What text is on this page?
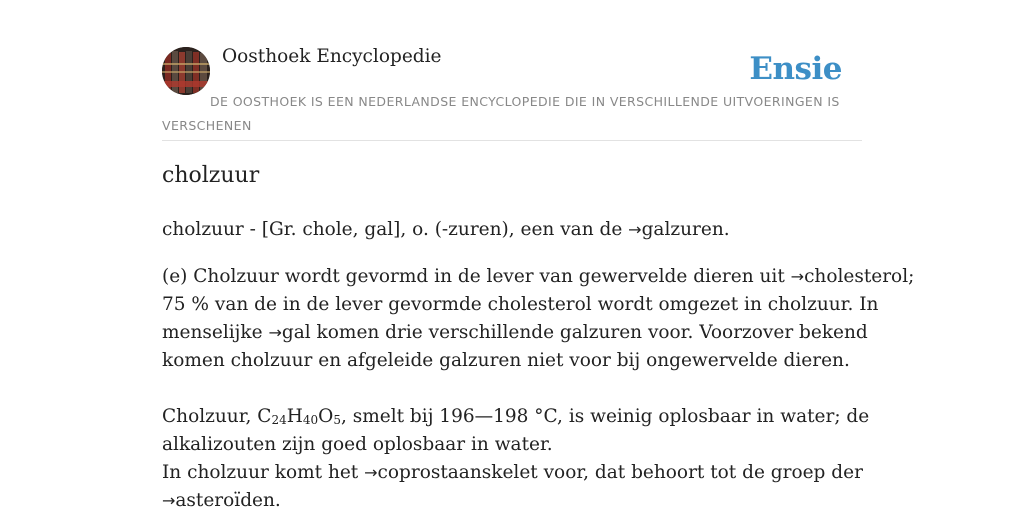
Oosthoek Encyclopedie	Ensie
DE OOSTHOEK IS EEN NEDERLANDSE ENCYCLOPEDIE DIE IN VERSCHILLENDE UITVOERINGEN IS VERSCHENEN
cholzuur
cholzuur - [Gr. chole, gal], o. (-zuren), een van de →galzuren.
(e) Cholzuur wordt gevormd in de lever van gewervelde dieren uit →cholesterol;
75 % van de in de lever gevormde cholesterol wordt omgezet in cholzuur. In
menselijke →gal komen drie verschillende galzuren voor. Voorzover bekend
komen cholzuur en afgeleide galzuren niet voor bij ongewervelde dieren.
Cholzuur, C24H40O5, smelt bij 196—198 °C, is weinig oplosbaar in water; de
alkalizouten zijn goed oplosbaar in water.
In cholzuur komt het →coprostaanskelet voor, dat behoort tot de groep der
→asteroïden.
